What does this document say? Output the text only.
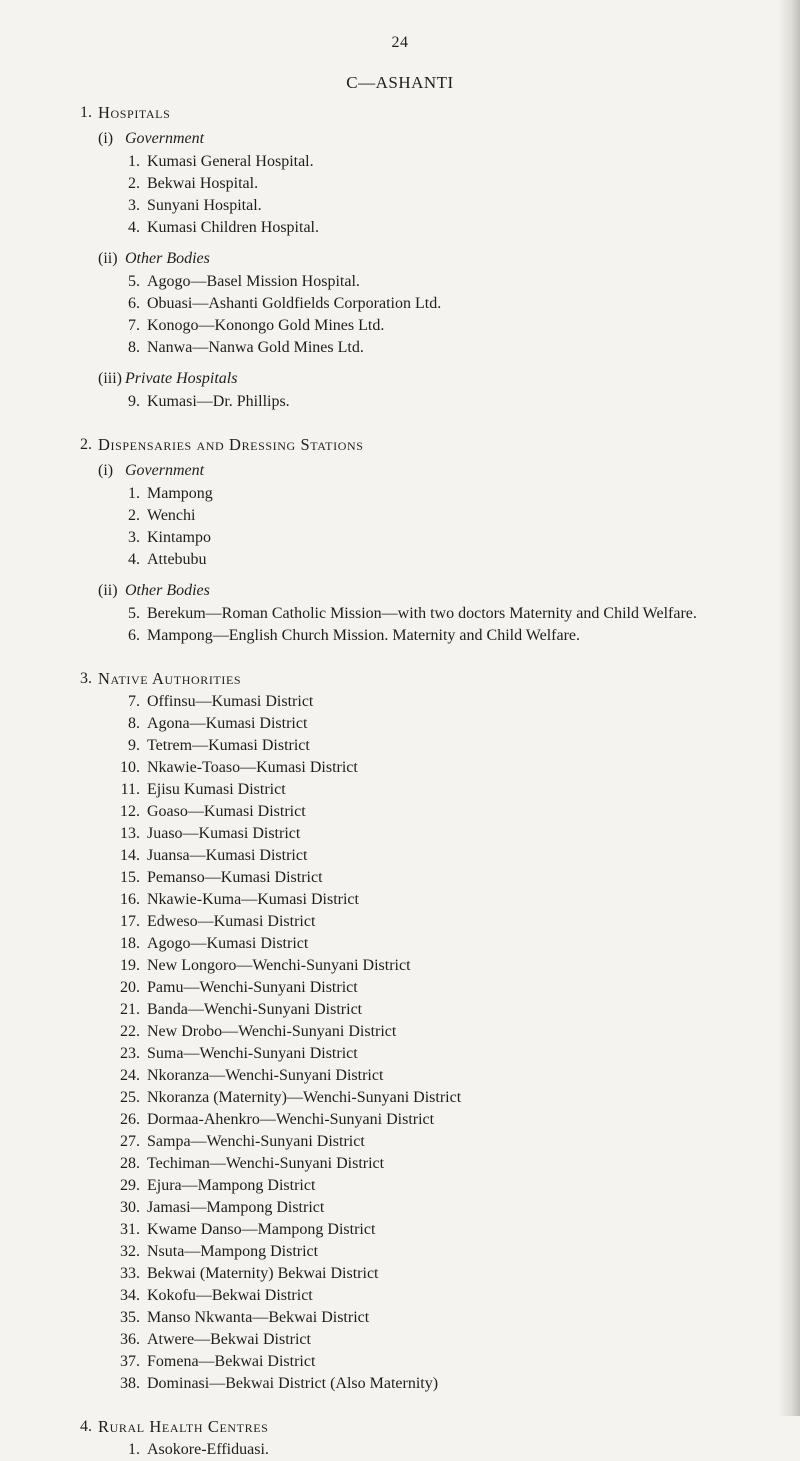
24
C—ASHANTI
1. Hospitals
(i) Government
1. Kumasi General Hospital.
2. Bekwai Hospital.
3. Sunyani Hospital.
4. Kumasi Children Hospital.
(ii) Other Bodies
5. Agogo—Basel Mission Hospital.
6. Obuasi—Ashanti Goldfields Corporation Ltd.
7. Konogo—Konongo Gold Mines Ltd.
8. Nanwa—Nanwa Gold Mines Ltd.
(iii) Private Hospitals
9. Kumasi—Dr. Phillips.
2. Dispensaries and Dressing Stations
(i) Government
1. Mampong
2. Wenchi
3. Kintampo
4. Attebubu
(ii) Other Bodies
5. Berekum—Roman Catholic Mission—with two doctors Maternity and Child Welfare.
6. Mampong—English Church Mission. Maternity and Child Welfare.
3. Native Authorities
7. Offinsu—Kumasi District
8. Agona—Kumasi District
9. Tetrem—Kumasi District
10. Nkawie-Toaso—Kumasi District
11. Ejisu Kumasi District
12. Goaso—Kumasi District
13. Juaso—Kumasi District
14. Juansa—Kumasi District
15. Pemanso—Kumasi District
16. Nkawie-Kuma—Kumasi District
17. Edweso—Kumasi District
18. Agogo—Kumasi District
19. New Longoro—Wenchi-Sunyani District
20. Pamu—Wenchi-Sunyani District
21. Banda—Wenchi-Sunyani District
22. New Drobo—Wenchi-Sunyani District
23. Suma—Wenchi-Sunyani District
24. Nkoranza—Wenchi-Sunyani District
25. Nkoranza (Maternity)—Wenchi-Sunyani District
26. Dormaa-Ahenkro—Wenchi-Sunyani District
27. Sampa—Wenchi-Sunyani District
28. Techiman—Wenchi-Sunyani District
29. Ejura—Mampong District
30. Jamasi—Mampong District
31. Kwame Danso—Mampong District
32. Nsuta—Mampong District
33. Bekwai (Maternity) Bekwai District
34. Kokofu—Bekwai District
35. Manso Nkwanta—Bekwai District
36. Atwere—Bekwai District
37. Fomena—Bekwai District
38. Dominasi—Bekwai District (Also Maternity)
4. Rural Health Centres
1. Asokore-Effiduasi.
